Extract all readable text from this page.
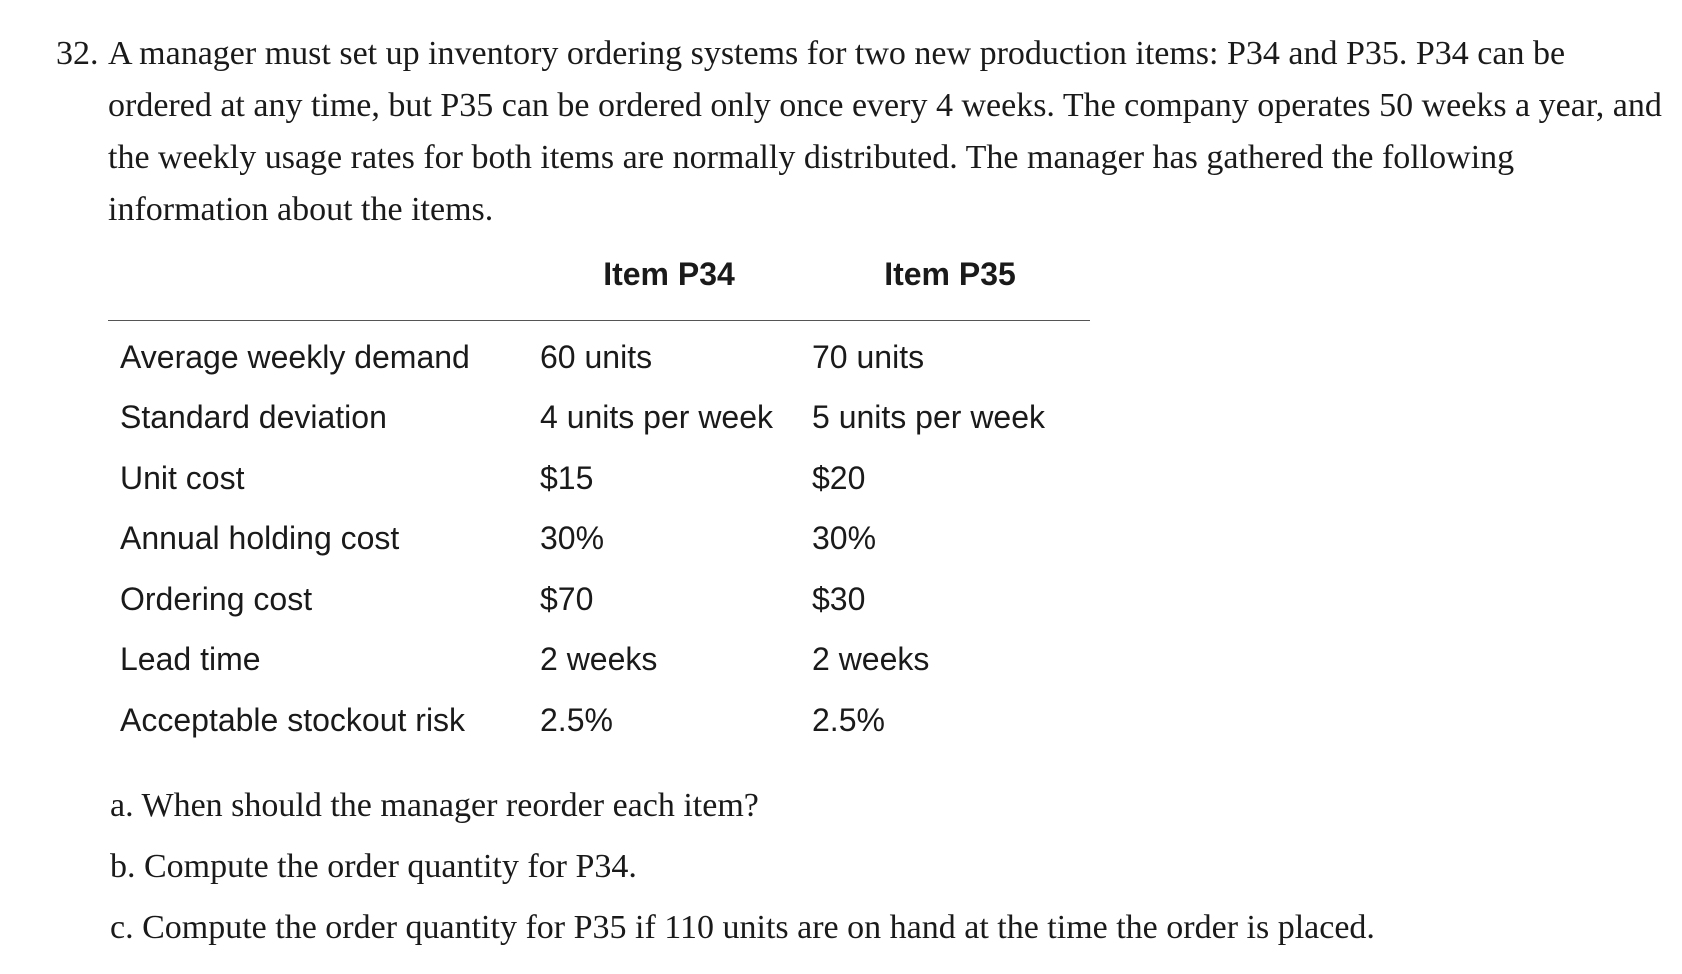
32. A manager must set up inventory ordering systems for two new production items: P34 and P35. P34 can be ordered at any time, but P35 can be ordered only once every 4 weeks. The company operates 50 weeks a year, and the weekly usage rates for both items are normally distributed. The manager has gathered the following information about the items.
	Item P34	Item P35
Average weekly demand	60 units	70 units
Standard deviation	4 units per week	5 units per week
Unit cost	$15	$20
Annual holding cost	30%	30%
Ordering cost	$70	$30
Lead time	2 weeks	2 weeks
Acceptable stockout risk	2.5%	2.5%
a. When should the manager reorder each item?
b. Compute the order quantity for P34.
c. Compute the order quantity for P35 if 110 units are on hand at the time the order is placed.
